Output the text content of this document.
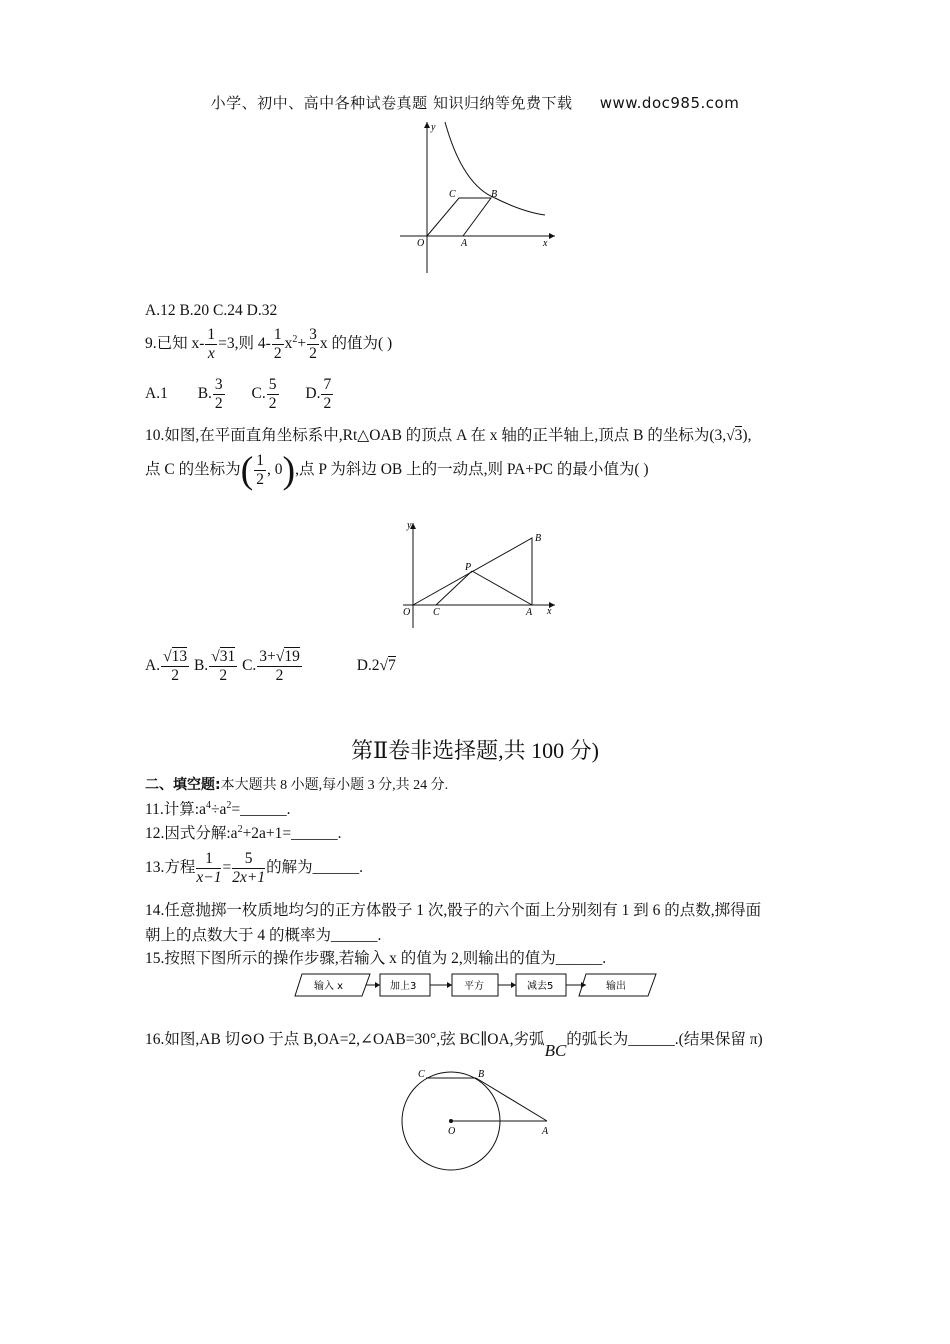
小学、初中、高中各种试卷真题 知识归纳等免费下载 www.doc985.com
y
x
O	A
B
C
A.12 B.20 C.24 D.32
9.已知 $x- \frac{1}{x} =3$,则 $4- \frac{1}{2} x^2+ \frac{3}{2}$ x 的值为( )
A.1 B. $\frac{3}{2} C$. $\frac{5}{2} D$. $\frac{7}{2}$
10.如图,在平面直角坐标系中,Rt△OAB 的顶点 A 在 x 轴的正半轴上,顶点 B 的坐标为(3,√3),
点 C 的坐标为( $\frac{1}{2}$ , 0),点 P 为斜边 OB 上的一动点,则 PA+PC 的最小值为( )
y
x
O C	A
P
B
A. $\frac{√13}{2} B$. $\frac{√31}{2} C$. $\frac{3+√19}{2}$	D.2√7
第Ⅱ卷非选择题,共 100 分)
二、填空题:本大题共 8 小题,每小题 3 分,共 24 分.
11.计算$:a^4\div a^2=\_\_\_\_\_\_$.
12.因式分解$:a^2+2a+1=\_\_\_\_\_\_$.
13.方程 $\frac{1}{x-1} = \frac{5}{2x+1}$ 的解为______.
14.任意抛掷一枚质地均匀的正方体骰子 1 次,骰子的六个面上分别刻有 1 到 6 的点数,掷得面
朝上的点数大于 4 的概率为______.
15.按照下图所示的操作步骤,若输入 x 的值为 2,则输出的值为______.
输入 x	加上3	平方	减去5	输出
16.如图,AB 切⊙O 于点 B,OA=2,∠OAB=30°,弦 BC∥OA,劣弧BC的弧长为______.(结果保留 π)
C	B
O	A
